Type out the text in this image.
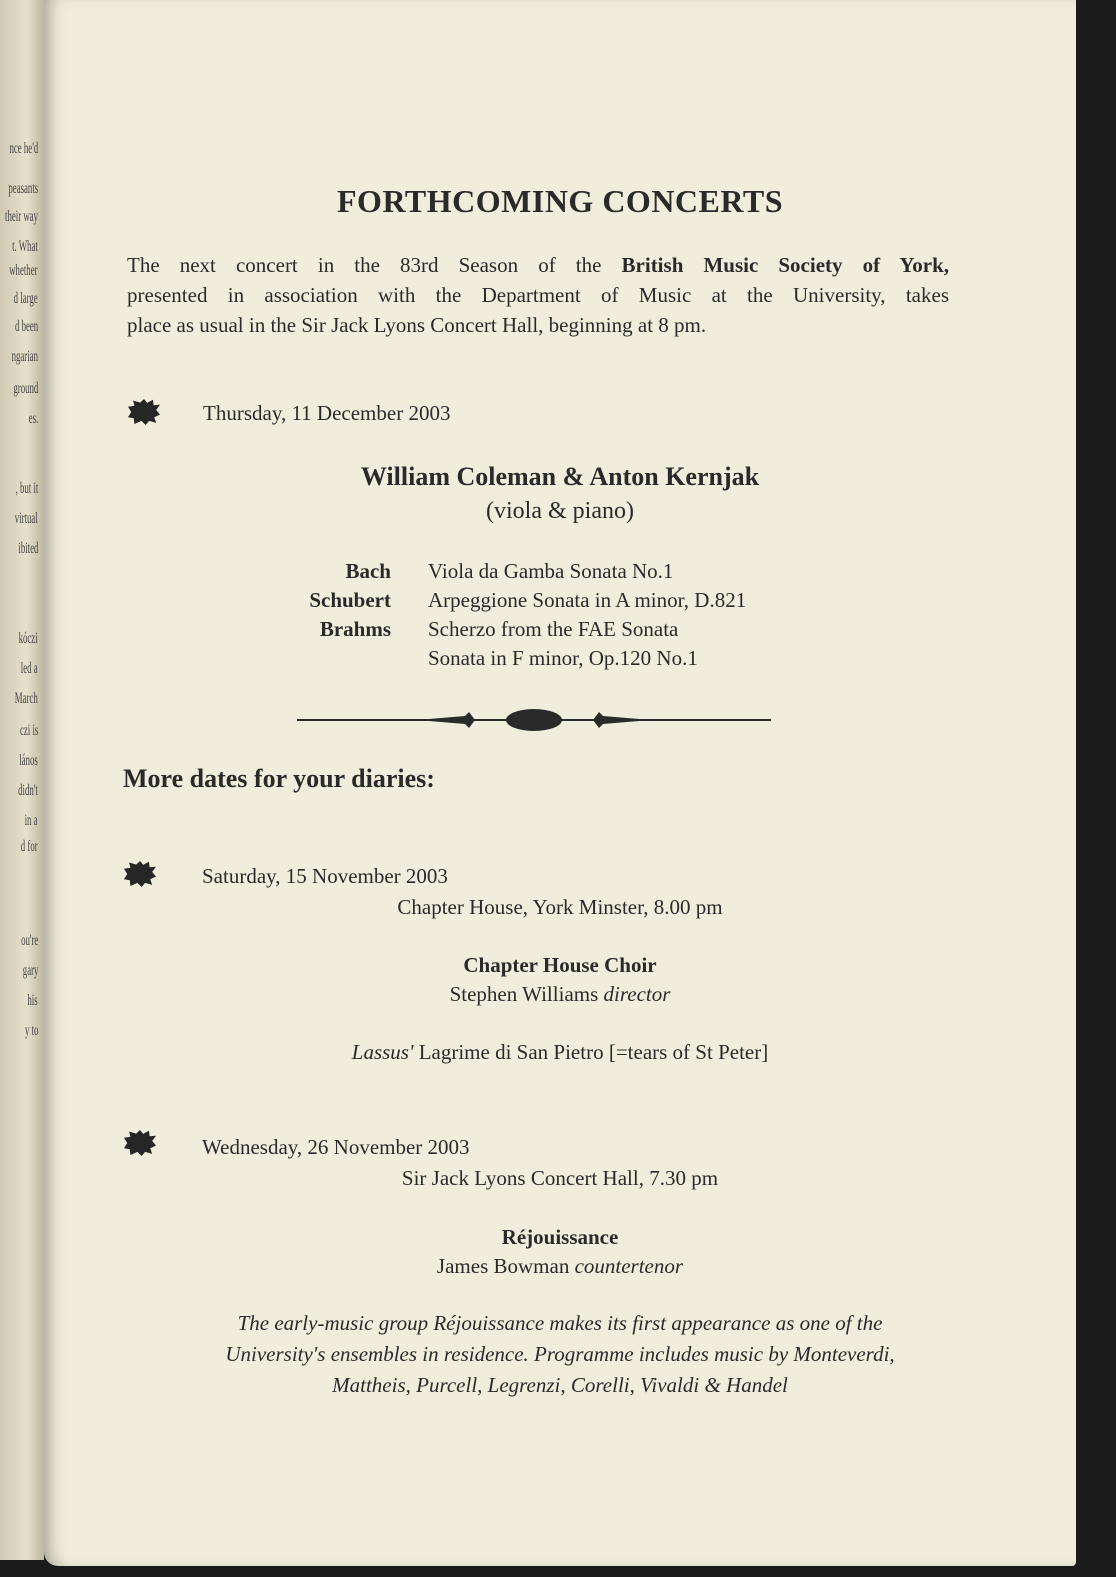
nce he'd
peasants
their way
t. What
whether
d large
d been
ngarian
ground
es.
, but it
virtual
ibited
kóczi
led a
March
czi is
lános
didn't
in a
d for
ou're
gary
his
y to
FORTHCOMING CONCERTS
The next concert in the 83rd Season of the British Music Society of York,
presented in association with the Department of Music at the University, takes
place as usual in the Sir Jack Lyons Concert Hall, beginning at 8 pm.
Thursday, 11 December 2003
William Coleman & Anton Kernjak
(viola & piano)
Bach Viola da Gamba Sonata No.1
Schubert Arpeggione Sonata in A minor, D.821
Brahms Scherzo from the FAE Sonata
Sonata in F minor, Op.120 No.1
More dates for your diaries:
Saturday, 15 November 2003
Chapter House, York Minster, 8.00 pm
Chapter House Choir
Stephen Williams director
Lassus' Lagrime di San Pietro [=tears of St Peter]
Wednesday, 26 November 2003
Sir Jack Lyons Concert Hall, 7.30 pm
Réjouissance
James Bowman countertenor
The early-music group Réjouissance makes its first appearance as one of the
University's ensembles in residence. Programme includes music by Monteverdi,
Mattheis, Purcell, Legrenzi, Corelli, Vivaldi & Handel
